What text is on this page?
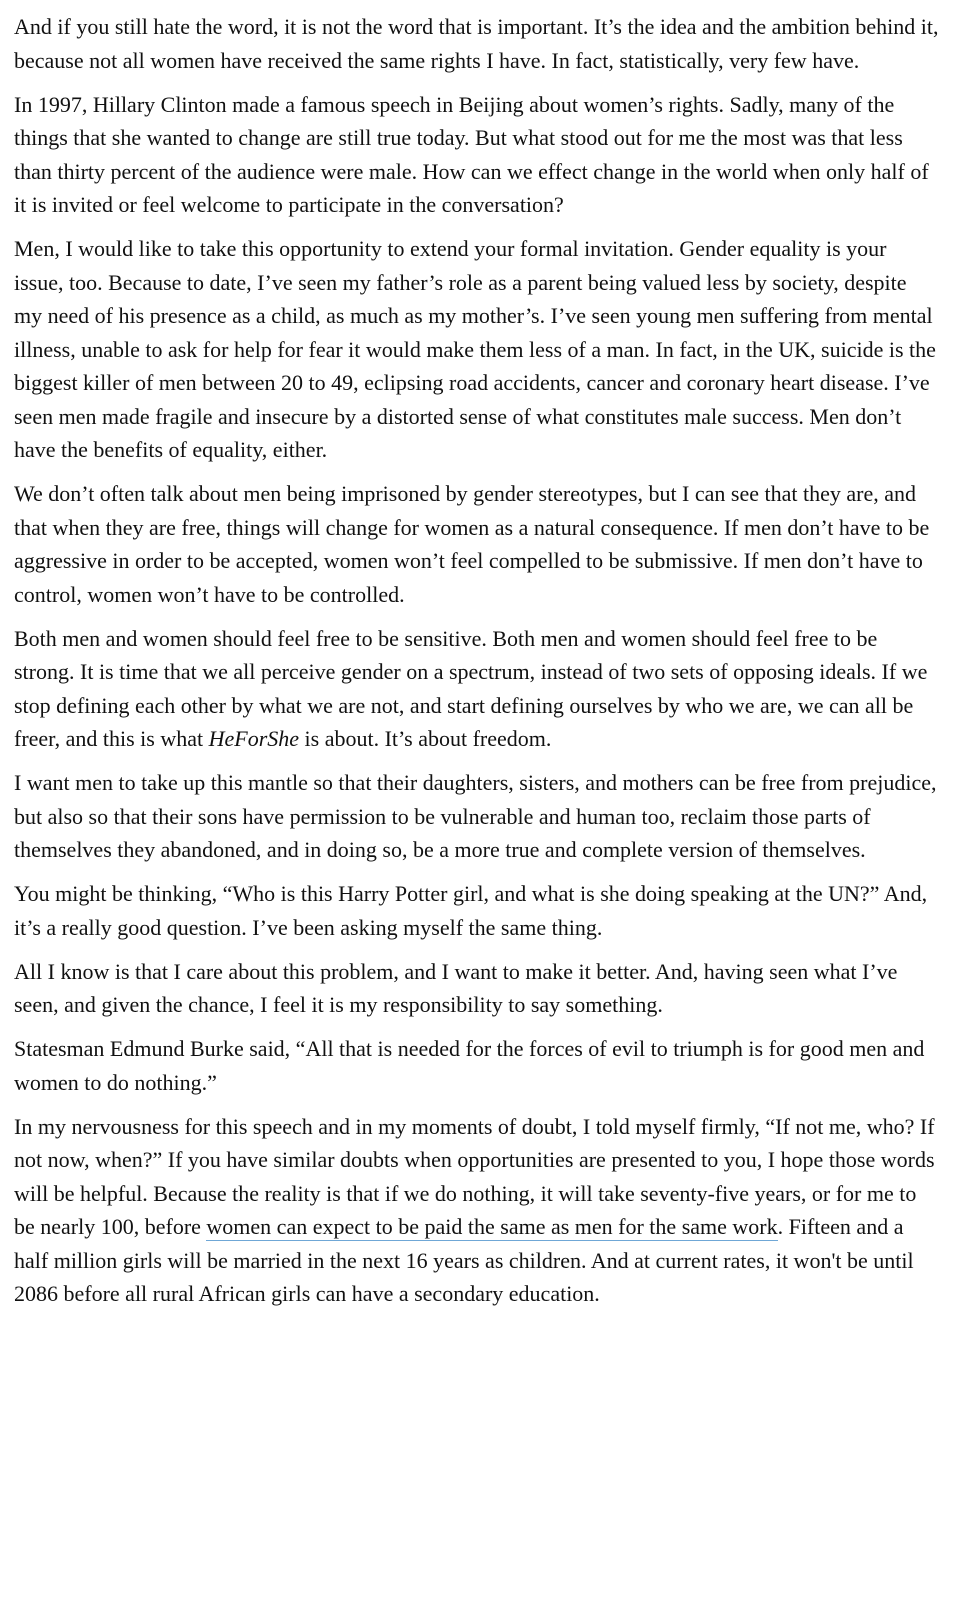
And if you still hate the word, it is not the word that is important. It’s the idea and the ambition behind it, because not all women have received the same rights I have. In fact, statistically, very few have.

In 1997, Hillary Clinton made a famous speech in Beijing about women’s rights. Sadly, many of the things that she wanted to change are still true today. But what stood out for me the most was that less than thirty percent of the audience were male. How can we effect change in the world when only half of it is invited or feel welcome to participate in the conversation?

Men, I would like to take this opportunity to extend your formal invitation. Gender equality is your issue, too. Because to date, I’ve seen my father’s role as a parent being valued less by society, despite my need of his presence as a child, as much as my mother’s. I’ve seen young men suffering from mental illness, unable to ask for help for fear it would make them less of a man. In fact, in the UK, suicide is the biggest killer of men between 20 to 49, eclipsing road accidents, cancer and coronary heart disease. I’ve seen men made fragile and insecure by a distorted sense of what constitutes male success. Men don’t have the benefits of equality, either.

We don’t often talk about men being imprisoned by gender stereotypes, but I can see that they are, and that when they are free, things will change for women as a natural consequence. If men don’t have to be aggressive in order to be accepted, women won’t feel compelled to be submissive. If men don’t have to control, women won’t have to be controlled.

Both men and women should feel free to be sensitive. Both men and women should feel free to be strong. It is time that we all perceive gender on a spectrum, instead of two sets of opposing ideals. If we stop defining each other by what we are not, and start defining ourselves by who we are, we can all be freer, and this is what HeForShe is about. It’s about freedom.

I want men to take up this mantle so that their daughters, sisters, and mothers can be free from prejudice, but also so that their sons have permission to be vulnerable and human too, reclaim those parts of themselves they abandoned, and in doing so, be a more true and complete version of themselves.

You might be thinking, “Who is this Harry Potter girl, and what is she doing speaking at the UN?” And, it’s a really good question. I’ve been asking myself the same thing.

All I know is that I care about this problem, and I want to make it better. And, having seen what I’ve seen, and given the chance, I feel it is my responsibility to say something.

Statesman Edmund Burke said, “All that is needed for the forces of evil to triumph is for good men and women to do nothing.”

In my nervousness for this speech and in my moments of doubt, I told myself firmly, “If not me, who? If not now, when?” If you have similar doubts when opportunities are presented to you, I hope those words will be helpful. Because the reality is that if we do nothing, it will take seventy-five years, or for me to be nearly 100, before women can expect to be paid the same as men for the same work. Fifteen and a half million girls will be married in the next 16 years as children. And at current rates, it won't be until 2086 before all rural African girls can have a secondary education.
